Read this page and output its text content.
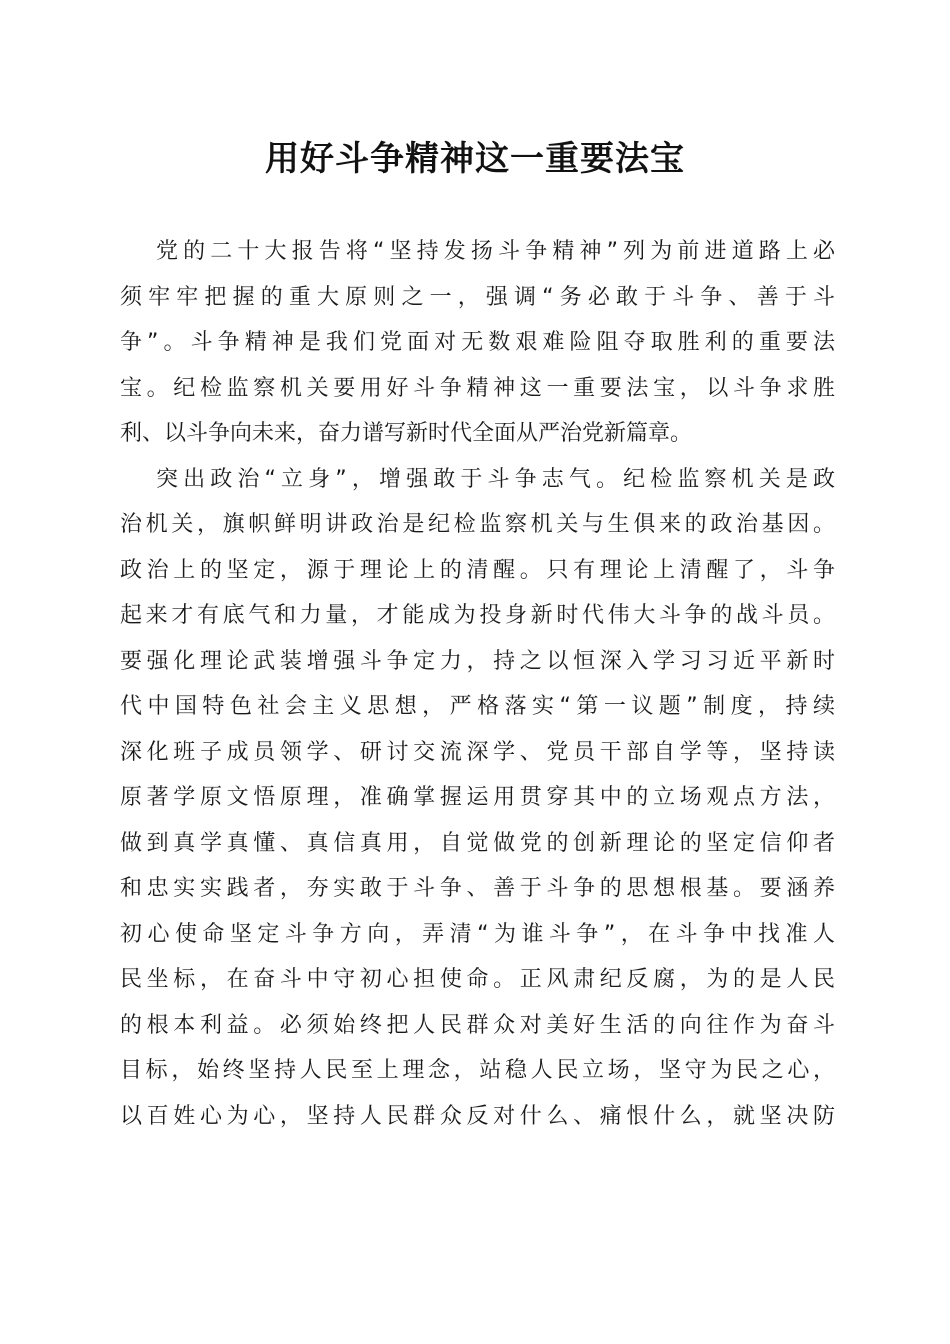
用好斗争精神这一重要法宝
党的二十大报告将“坚持发扬斗争精神”列为前进道路上必
须牢牢把握的重大原则之一，强调“务必敢于斗争、善于斗
争”。斗争精神是我们党面对无数艰难险阻夺取胜利的重要法
宝。纪检监察机关要用好斗争精神这一重要法宝，以斗争求胜
利、以斗争向未来，奋力谱写新时代全面从严治党新篇章。
突出政治“立身”，增强敢于斗争志气。纪检监察机关是政
治机关，旗帜鲜明讲政治是纪检监察机关与生俱来的政治基因。
政治上的坚定，源于理论上的清醒。只有理论上清醒了，斗争
起来才有底气和力量，才能成为投身新时代伟大斗争的战斗员。
要强化理论武装增强斗争定力，持之以恒深入学习习近平新时
代中国特色社会主义思想，严格落实“第一议题”制度，持续
深化班子成员领学、研讨交流深学、党员干部自学等，坚持读
原著学原文悟原理，准确掌握运用贯穿其中的立场观点方法，
做到真学真懂、真信真用，自觉做党的创新理论的坚定信仰者
和忠实实践者，夯实敢于斗争、善于斗争的思想根基。要涵养
初心使命坚定斗争方向，弄清“为谁斗争”，在斗争中找准人
民坐标，在奋斗中守初心担使命。正风肃纪反腐，为的是人民
的根本利益。必须始终把人民群众对美好生活的向往作为奋斗
目标，始终坚持人民至上理念，站稳人民立场，坚守为民之心，
以百姓心为心，坚持人民群众反对什么、痛恨什么，就坚决防
